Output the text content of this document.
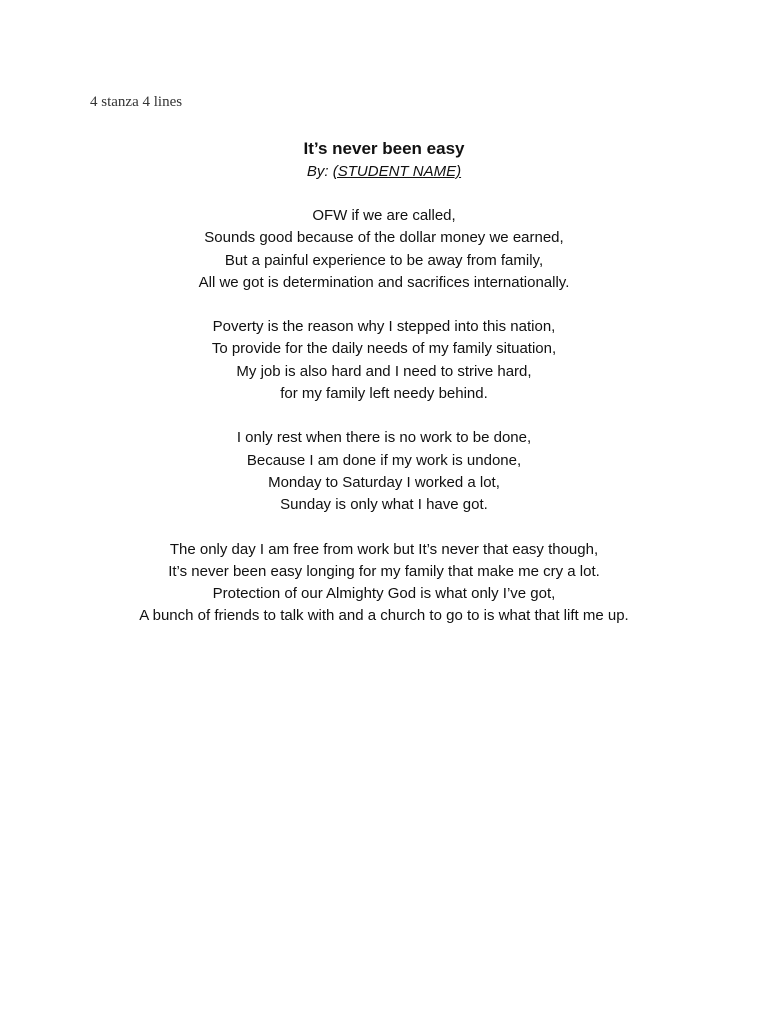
4 stanza 4 lines
It’s never been easy
By: (STUDENT NAME)
OFW if we are called,
Sounds good because of the dollar money we earned,
But a painful experience to be away from family,
All we got is determination and sacrifices internationally.
Poverty is the reason why I stepped into this nation,
To provide for the daily needs of my family situation,
My job is also hard and I need to strive hard,
for my family left needy behind.
I only rest when there is no work to be done,
Because I am done if my work is undone,
Monday to Saturday I worked a lot,
Sunday is only what I have got.
The only day I am free from work but It’s never that easy though,
It’s never been easy longing for my family that make me cry a lot.
Protection of our Almighty God is what only I’ve got,
A bunch of friends to talk with and a church to go to is what that lift me up.
